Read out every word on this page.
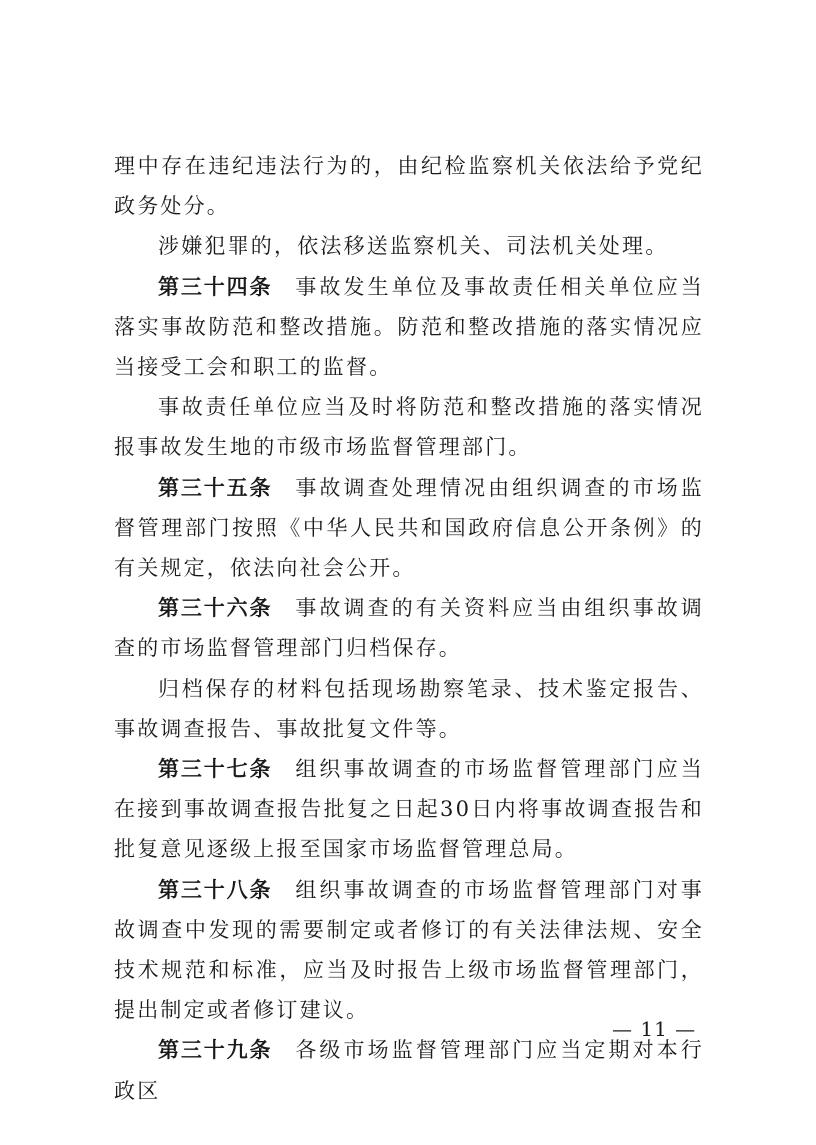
理中存在违纪违法行为的，由纪检监察机关依法给予党纪政务处分。

涉嫌犯罪的，依法移送监察机关、司法机关处理。

第三十四条 事故发生单位及事故责任相关单位应当落实事故防范和整改措施。防范和整改措施的落实情况应当接受工会和职工的监督。

事故责任单位应当及时将防范和整改措施的落实情况报事故发生地的市级市场监督管理部门。

第三十五条 事故调查处理情况由组织调查的市场监督管理部门按照《中华人民共和国政府信息公开条例》的有关规定，依法向社会公开。

第三十六条 事故调查的有关资料应当由组织事故调查的市场监督管理部门归档保存。

归档保存的材料包括现场勘察笔录、技术鉴定报告、事故调查报告、事故批复文件等。

第三十七条 组织事故调查的市场监督管理部门应当在接到事故调查报告批复之日起30日内将事故调查报告和批复意见逐级上报至国家市场监督管理总局。

第三十八条 组织事故调查的市场监督管理部门对事故调查中发现的需要制定或者修订的有关法律法规、安全技术规范和标准，应当及时报告上级市场监督管理部门，提出制定或者修订建议。

第三十九条 各级市场监督管理部门应当定期对本行政区

— 11 —
